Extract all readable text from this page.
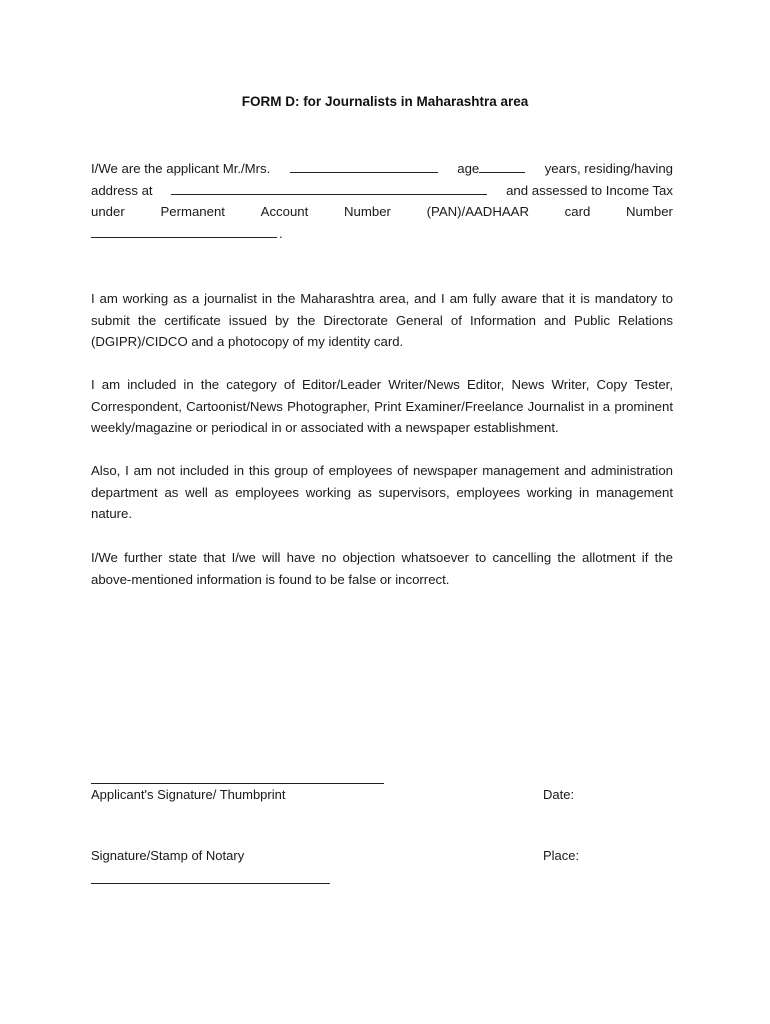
FORM D: for Journalists in Maharashtra area
I/We are the applicant Mr./Mrs.	age	years, residing/having
address at	and assessed to Income Tax
under	Permanent	Account	Number	(PAN)/AADHAAR	card	Number
.

I am working as a journalist in the Maharashtra area, and I am fully aware that it is mandatory to submit the certificate issued by the Directorate General of Information and Public Relations (DGIPR)/CIDCO and a photocopy of my identity card.

I am included in the category of Editor/Leader Writer/News Editor, News Writer, Copy Tester, Correspondent, Cartoonist/News Photographer, Print Examiner/Freelance Journalist in a prominent weekly/magazine or periodical in or associated with a newspaper establishment.

Also, I am not included in this group of employees of newspaper management and administration department as well as employees working as supervisors, employees working in management nature.

I/We further state that I/we will have no objection whatsoever to cancelling the allotment if the above-mentioned information is found to be false or incorrect.

Applicant's Signature/ Thumbprint	Date:
Signature/Stamp of Notary	Place:
